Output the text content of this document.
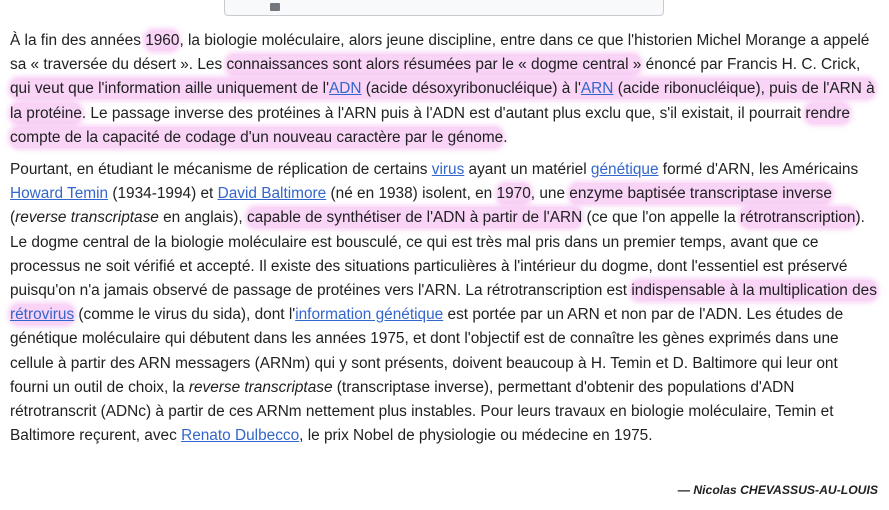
À la fin des années 1960, la biologie moléculaire, alors jeune discipline, entre dans ce que l'historien Michel Morange a appelé sa « traversée du désert ». Les connaissances sont alors résumées par le « dogme central » énoncé par Francis H. C. Crick, qui veut que l'information aille uniquement de l'ADN (acide désoxyribonucléique) à l'ARN (acide ribonucléique), puis de l'ARN à la protéine. Le passage inverse des protéines à l'ARN puis à l'ADN est d'autant plus exclu que, s'il existait, il pourrait rendre compte de la capacité de codage d'un nouveau caractère par le génome.

Pourtant, en étudiant le mécanisme de réplication de certains virus ayant un matériel génétique formé d'ARN, les Américains Howard Temin (1934-1994) et David Baltimore (né en 1938) isolent, en 1970, une enzyme baptisée transcriptase inverse (reverse transcriptase en anglais), capable de synthétiser de l'ADN à partir de l'ARN (ce que l'on appelle la rétrotranscription). Le dogme central de la biologie moléculaire est bousculé, ce qui est très mal pris dans un premier temps, avant que ce processus ne soit vérifié et accepté. Il existe des situations particulières à l'intérieur du dogme, dont l'essentiel est préservé puisqu'on n'a jamais observé de passage de protéines vers l'ARN. La rétrotranscription est indispensable à la multiplication des rétrovirus (comme le virus du sida), dont l'information génétique est portée par un ARN et non par de l'ADN. Les études de génétique moléculaire qui débutent dans les années 1975, et dont l'objectif est de connaître les gènes exprimés dans une cellule à partir des ARN messagers (ARNm) qui y sont présents, doivent beaucoup à H. Temin et D. Baltimore qui leur ont fourni un outil de choix, la reverse transcriptase (transcriptase inverse), permettant d'obtenir des populations d'ADN rétrotranscrit (ADNc) à partir de ces ARNm nettement plus instables. Pour leurs travaux en biologie moléculaire, Temin et Baltimore reçurent, avec Renato Dulbecco, le prix Nobel de physiologie ou médecine en 1975.

— Nicolas CHEVASSUS-AU-LOUIS
